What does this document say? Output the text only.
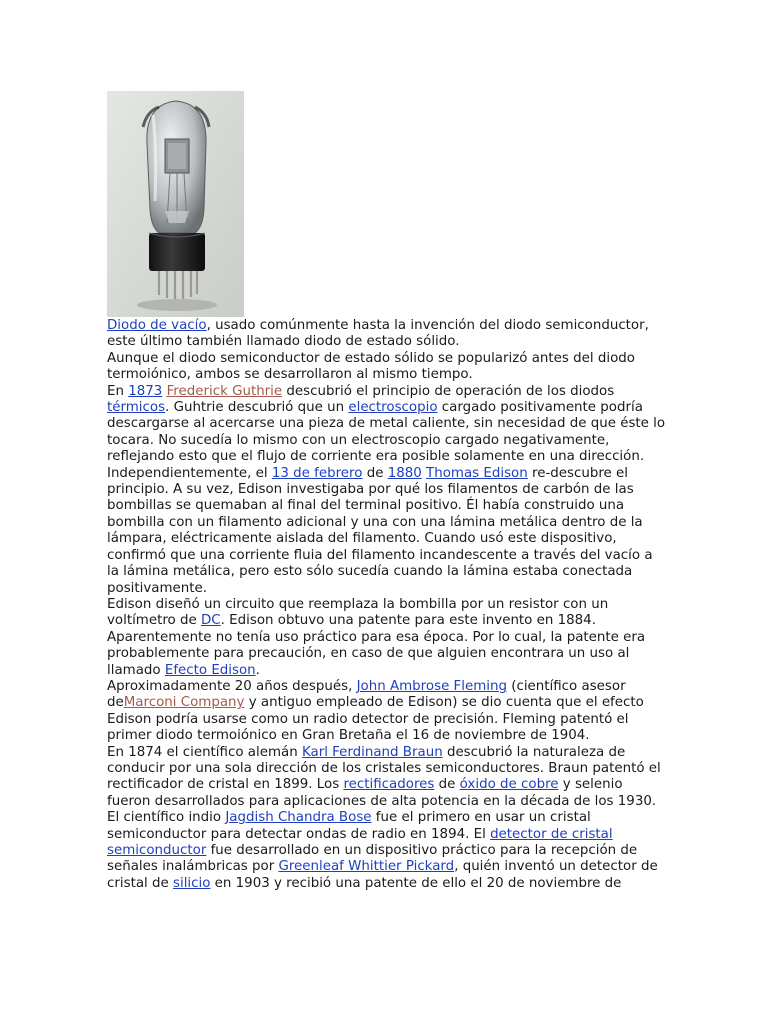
Diodo de vacío, usado comúnmente hasta la invención del diodo semiconductor, este último también llamado diodo de estado sólido.

Aunque el diodo semiconductor de estado sólido se popularizó antes del diodo termoiónico, ambos se desarrollaron al mismo tiempo.

En 1873 Frederick Guthrie descubrió el principio de operación de los diodos térmicos. Guhtrie descubrió que un electroscopio cargado positivamente podría descargarse al acercarse una pieza de metal caliente, sin necesidad de que éste lo tocara. No sucedía lo mismo con un electroscopio cargado negativamente, reflejando esto que el flujo de corriente era posible solamente en una dirección.

Independientemente, el 13 de febrero de 1880 Thomas Edison re-descubre el principio. A su vez, Edison investigaba por qué los filamentos de carbón de las bombillas se quemaban al final del terminal positivo. Él había construido una bombilla con un filamento adicional y una con una lámina metálica dentro de la lámpara, eléctricamente aislada del filamento. Cuando usó este dispositivo, confirmó que una corriente fluia del filamento incandescente a través del vacío a la lámina metálica, pero esto sólo sucedía cuando la lámina estaba conectada positivamente.

Edison diseñó un circuito que reemplaza la bombilla por un resistor con un voltímetro de DC. Edison obtuvo una patente para este invento en 1884. Aparentemente no tenía uso práctico para esa época. Por lo cual, la patente era probablemente para precaución, en caso de que alguien encontrara un uso al llamado Efecto Edison.

Aproximadamente 20 años después, John Ambrose Fleming (científico asesor deMarconi Company y antiguo empleado de Edison) se dio cuenta que el efecto Edison podría usarse como un radio detector de precisión. Fleming patentó el primer diodo termoiónico en Gran Bretaña el 16 de noviembre de 1904.

En 1874 el científico alemán Karl Ferdinand Braun descubrió la naturaleza de conducir por una sola dirección de los cristales semiconductores. Braun patentó el rectificador de cristal en 1899. Los rectificadores de óxido de cobre y selenio fueron desarrollados para aplicaciones de alta potencia en la década de los 1930.

El científico indio Jagdish Chandra Bose fue el primero en usar un cristal semiconductor para detectar ondas de radio en 1894. El detector de cristal semiconductor fue desarrollado en un dispositivo práctico para la recepción de señales inalámbricas por Greenleaf Whittier Pickard, quién inventó un detector de cristal de silicio en 1903 y recibió una patente de ello el 20 de noviembre de
